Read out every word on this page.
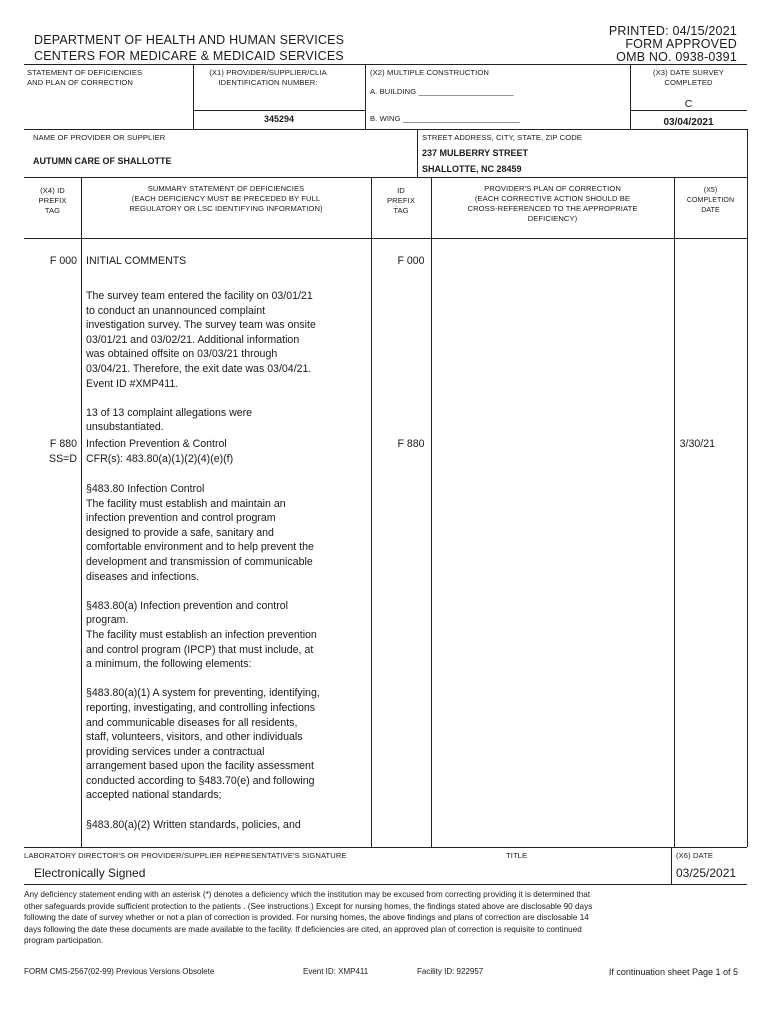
PRINTED: 04/15/2021
FORM APPROVED
OMB NO. 0938-0391
DEPARTMENT OF HEALTH AND HUMAN SERVICES
CENTERS FOR MEDICARE & MEDICAID SERVICES
STATEMENT OF DEFICIENCIES
AND PLAN OF CORRECTION
(X1) PROVIDER/SUPPLIER/CLIA
IDENTIFICATION NUMBER:
345294
(X2) MULTIPLE CONSTRUCTION
A. BUILDING ______________________
B. WING ___________________________
(X3) DATE SURVEY
COMPLETED
C
03/04/2021
NAME OF PROVIDER OR SUPPLIER
AUTUMN CARE OF SHALLOTTE
STREET ADDRESS, CITY, STATE, ZIP CODE
237 MULBERRY STREET
SHALLOTTE, NC 28459
(X4) ID
PREFIX
TAG
SUMMARY STATEMENT OF DEFICIENCIES
(EACH DEFICIENCY MUST BE PRECEDED BY FULL
REGULATORY OR LSC IDENTIFYING INFORMATION)
ID
PREFIX
TAG
PROVIDER'S PLAN OF CORRECTION
(EACH CORRECTIVE ACTION SHOULD BE
CROSS-REFERENCED TO THE APPROPRIATE
DEFICIENCY)
(X5)
COMPLETION
DATE
F 000 INITIAL COMMENTS	F 000

The survey team entered the facility on 03/01/21
to conduct an unannounced complaint
investigation survey. The survey team was onsite
03/01/21 and 03/02/21. Additional information
was obtained offsite on 03/03/21 through
03/04/21. Therefore, the exit date was 03/04/21.
Event ID #XMP411.

13 of 13 complaint allegations were
unsubstantiated.

F 880
SS=D
Infection Prevention & Control
CFR(s): 483.80(a)(1)(2)(4)(e)(f)
F 880	3/30/21

§483.80 Infection Control
The facility must establish and maintain an
infection prevention and control program
designed to provide a safe, sanitary and
comfortable environment and to help prevent the
development and transmission of communicable
diseases and infections.

§483.80(a) Infection prevention and control
program.
The facility must establish an infection prevention
and control program (IPCP) that must include, at
a minimum, the following elements:

§483.80(a)(1) A system for preventing, identifying,
reporting, investigating, and controlling infections
and communicable diseases for all residents,
staff, volunteers, visitors, and other individuals
providing services under a contractual
arrangement based upon the facility assessment
conducted according to §483.70(e) and following
accepted national standards;

§483.80(a)(2) Written standards, policies, and

LABORATORY DIRECTOR'S OR PROVIDER/SUPPLIER REPRESENTATIVE'S SIGNATURE	TITLE	(X6) DATE
Electronically Signed	03/25/2021
Any deficiency statement ending with an asterisk (*) denotes a deficiency which the institution may be excused from correcting providing it is determined that
other safeguards provide sufficient protection to the patients . (See instructions.) Except for nursing homes, the findings stated above are disclosable 90 days
following the date of survey whether or not a plan of correction is provided. For nursing homes, the above findings and plans of correction are disclosable 14
days following the date these documents are made available to the facility. If deficiencies are cited, an approved plan of correction is requisite to continued
program participation.
FORM CMS-2567(02-99) Previous Versions Obsolete	Event ID: XMP411	Facility ID: 922957	If continuation sheet Page 1 of 5
